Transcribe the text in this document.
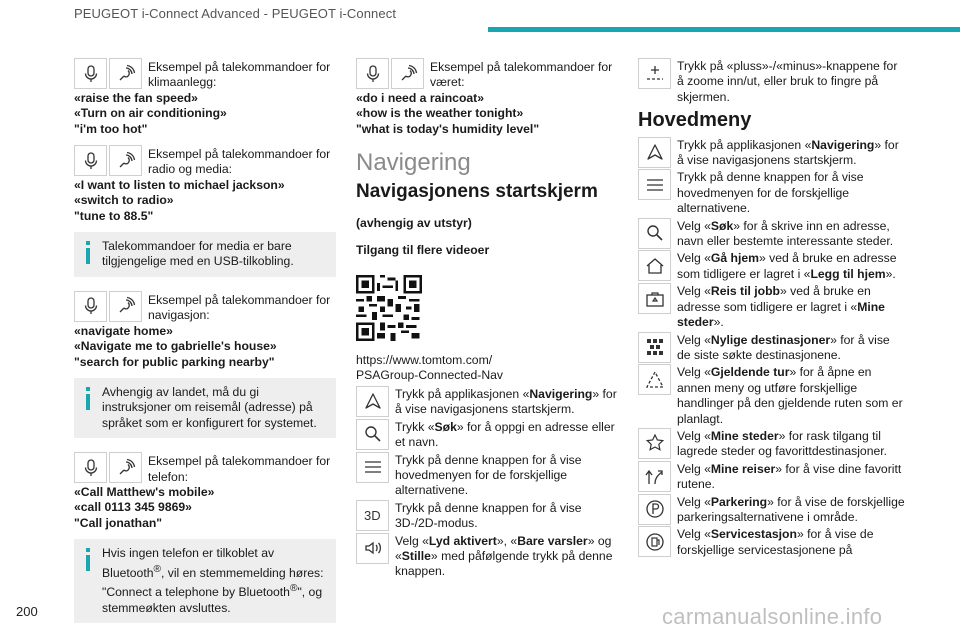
PEUGEOT i-Connect Advanced - PEUGEOT i-Connect
Eksempel på talekommandoer for klimaanlegg:
«raise the fan speed»
«Turn on air conditioning»
"i'm too hot"
Eksempel på talekommandoer for radio og media:
«I want to listen to michael jackson»
«switch to radio»
"tune to 88.5"
Talekommandoer for media er bare tilgjengelige med en USB-tilkobling.
Eksempel på talekommandoer for navigasjon:
«navigate home»
«Navigate me to gabrielle's house»
"search for public parking nearby"
Avhengig av landet, må du gi instruksjoner om reisemål (adresse) på språket som er konfigurert for systemet.
Eksempel på talekommandoer for telefon:
«Call Matthew's mobile»
«call 0113 345 9869»
"Call jonathan"
Hvis ingen telefon er tilkoblet av Bluetooth®, vil en stemmemelding høres: "Connect a telephone by Bluetooth®", og stemmeøkten avsluttes.
Eksempel på talekommandoer for været:
«do i need a raincoat»
«how is the weather tonight»
"what is today's humidity level"
Navigering
Navigasjonens startskjerm
(avhengig av utstyr)
Tilgang til flere videoer
https://www.tomtom.com/
PSAGroup-Connected-Nav
Trykk på applikasjonen «Navigering» for å vise navigasjonens startskjerm.
Trykk «Søk» for å oppgi en adresse eller et navn.
Trykk på denne knappen for å vise hovedmenyen for de forskjellige alternativene.
3D
Trykk på denne knappen for å vise 3D-/2D-modus.
Velg «Lyd aktivert», «Bare varsler» og «Stille» med påfølgende trykk på denne knappen.
Trykk på «pluss»-/«minus»-knappene for å zoome inn/ut, eller bruk to fingre på skjermen.
Hovedmeny
Trykk på applikasjonen «Navigering» for å vise navigasjonens startskjerm.
Trykk på denne knappen for å vise hovedmenyen for de forskjellige alternativene.
Velg «Søk» for å skrive inn en adresse, navn eller bestemte interessante steder.
Velg «Gå hjem» ved å bruke en adresse som tidligere er lagret i «Legg til hjem».
Velg «Reis til jobb» ved å bruke en adresse som tidligere er lagret i «Mine steder».
Velg «Nylige destinasjoner» for å vise de siste søkte destinasjonene.
Velg «Gjeldende tur» for å åpne en annen meny og utføre forskjellige handlinger på den gjeldende ruten som er planlagt.
Velg «Mine steder» for rask tilgang til lagrede steder og favorittdestinasjoner.
Velg «Mine reiser» for å vise dine favoritt rutene.
Velg «Parkering» for å vise de forskjellige parkeringsalternativene i område.
Velg «Servicestasjon» for å vise de forskjellige servicestasjonene på
200	carmanualsonline.info
